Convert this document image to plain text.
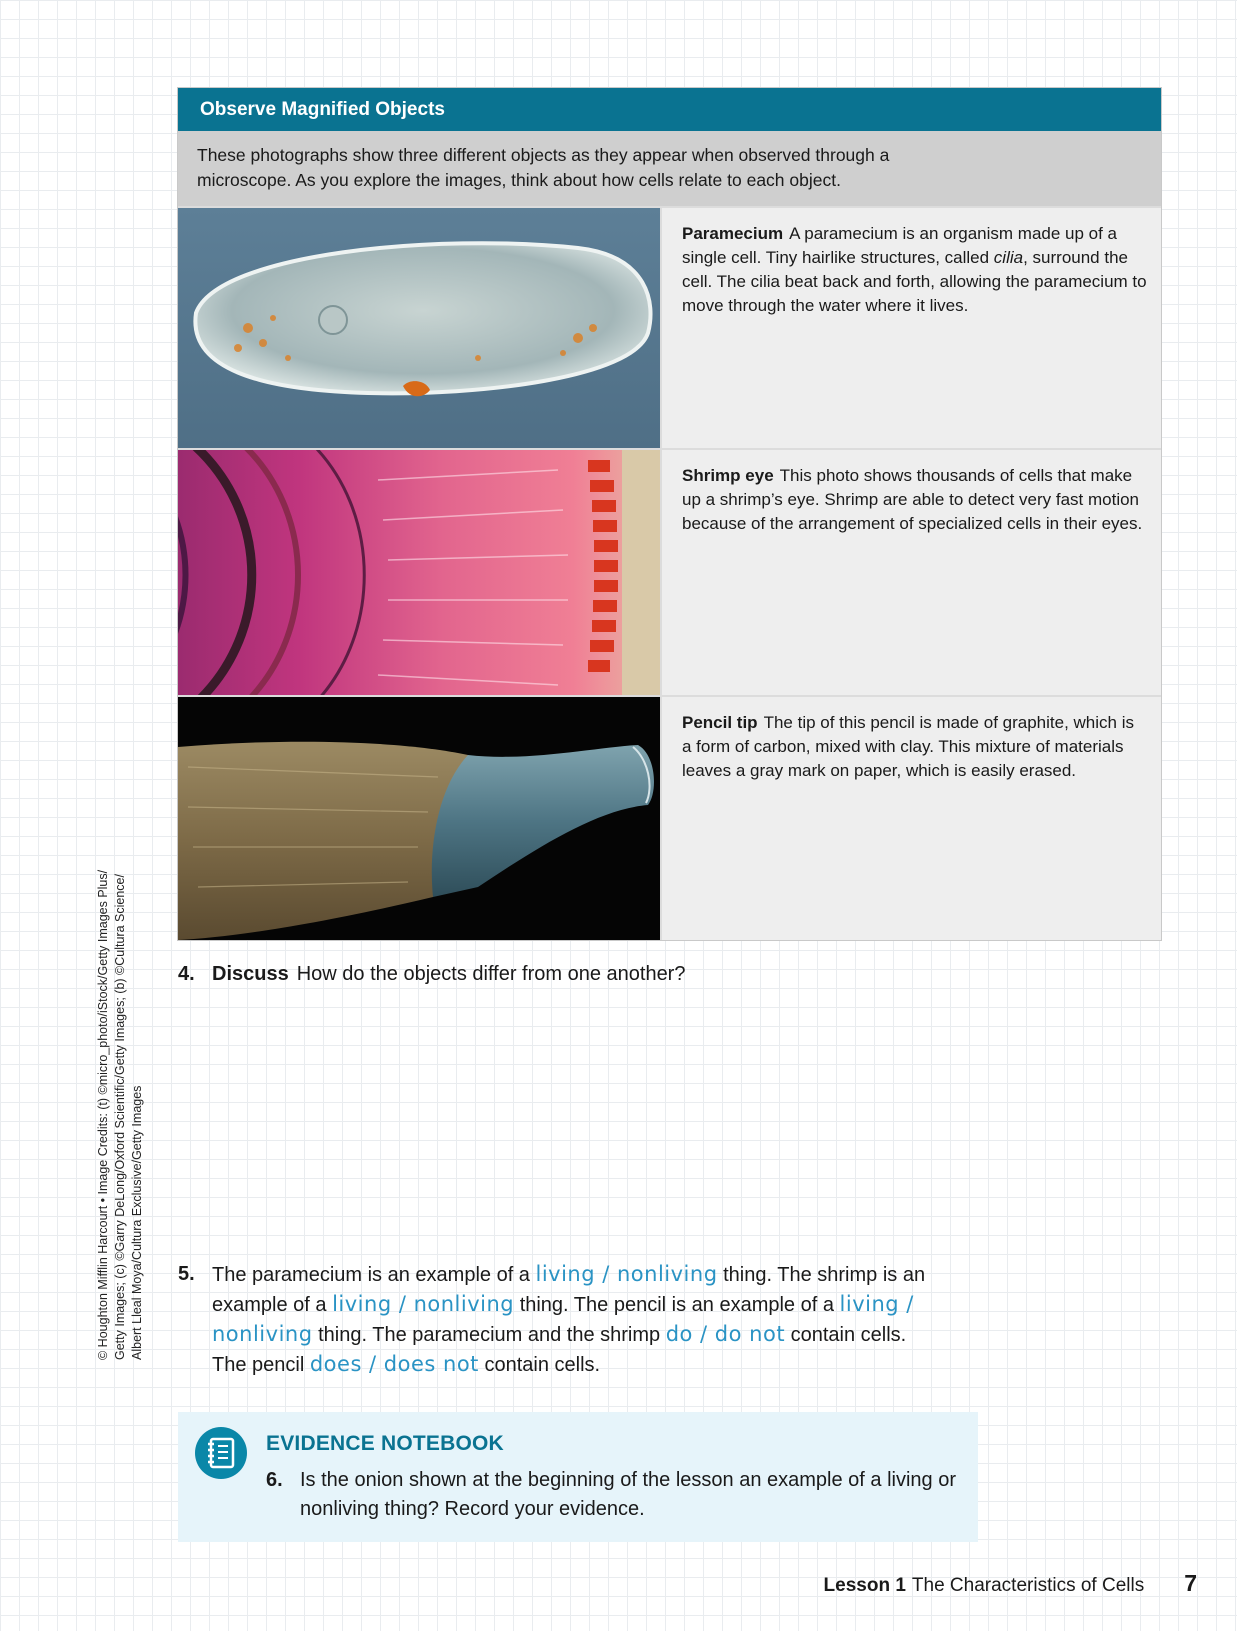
© Houghton Mifflin Harcourt • Image Credits: (t) ©micro_photo/iStock/Getty Images Plus/ Getty Images; (c) ©Garry DeLong/Oxford Scientific/Getty Images; (b) ©Cultura Science/ Albert Lleal Moya/Cultura Exclusive/Getty Images
Observe Magnified Objects
These photographs show three different objects as they appear when observed through a
microscope. As you explore the images, think about how cells relate to each object.
Paramecium A paramecium is an organism made up of a single cell. Tiny hairlike structures, called cilia, surround the cell. The cilia beat back and forth, allowing the paramecium to move through the water where it lives.
Shrimp eye This photo shows thousands of cells that make up a shrimp’s eye. Shrimp are able to detect very fast motion because of the arrangement of specialized cells in their eyes.
Pencil tip The tip of this pencil is made of graphite, which is a form of carbon, mixed with clay. This mixture of materials leaves a gray mark on paper, which is easily erased.
4. Discuss How do the objects differ from one another?
5. The paramecium is an example of a living / nonliving thing. The shrimp is an
example of a living / nonliving thing. The pencil is an example of a living /
nonliving thing. The paramecium and the shrimp do / do not contain cells.
The pencil does / does not contain cells.
EVIDENCE NOTEBOOK
6. Is the onion shown at the beginning of the lesson an example of a living or nonliving thing? Record your evidence.
Lesson 1 The Characteristics of Cells 7
